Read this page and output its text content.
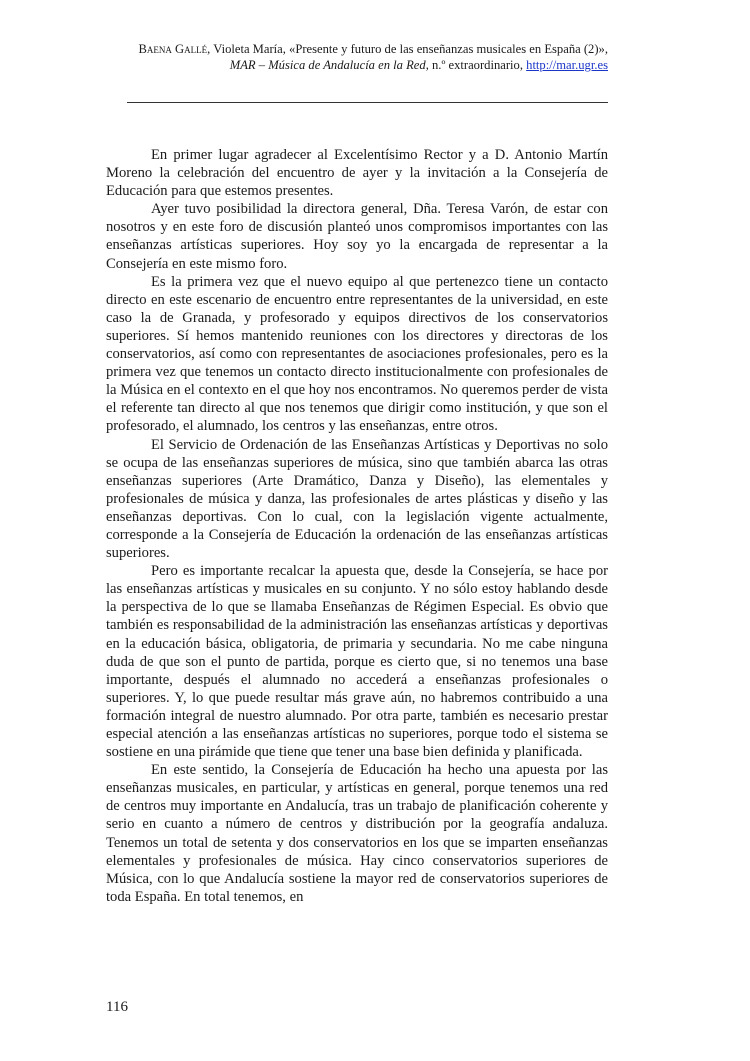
Baena Gallé, Violeta María, «Presente y futuro de las enseñanzas musicales en España (2)»,
MAR – Música de Andalucía en la Red, n.º extraordinario, http://mar.ugr.es

En primer lugar agradecer al Excelentísimo Rector y a D. Antonio Martín Moreno la celebración del encuentro de ayer y la invitación a la Consejería de Educación para que estemos presentes.

Ayer tuvo posibilidad la directora general, Dña. Teresa Varón, de estar con nosotros y en este foro de discusión planteó unos compromisos importantes con las enseñanzas artísticas superiores. Hoy soy yo la encargada de representar a la Consejería en este mismo foro.

Es la primera vez que el nuevo equipo al que pertenezco tiene un contacto directo en este escenario de encuentro entre representantes de la universidad, en este caso la de Granada, y profesorado y equipos directivos de los conservatorios superiores. Sí hemos mantenido reuniones con los directores y directoras de los conservatorios, así como con representantes de asociaciones profesionales, pero es la primera vez que tenemos un contacto directo institucionalmente con profesionales de la Música en el contexto en el que hoy nos encontramos. No queremos perder de vista el referente tan directo al que nos tenemos que dirigir como institución, y que son el profesorado, el alumnado, los centros y las enseñanzas, entre otros.

El Servicio de Ordenación de las Enseñanzas Artísticas y Deportivas no solo se ocupa de las enseñanzas superiores de música, sino que también abarca las otras enseñanzas superiores (Arte Dramático, Danza y Diseño), las elementales y profesionales de música y danza, las profesionales de artes plásticas y diseño y las enseñanzas deportivas. Con lo cual, con la legislación vigente actualmente, corresponde a la Consejería de Educación la ordenación de las enseñanzas artísticas superiores.

Pero es importante recalcar la apuesta que, desde la Consejería, se hace por las enseñanzas artísticas y musicales en su conjunto. Y no sólo estoy hablando desde la perspectiva de lo que se llamaba Enseñanzas de Régimen Especial. Es obvio que también es responsabilidad de la administración las enseñanzas artísticas y deportivas en la educación básica, obligatoria, de primaria y secundaria. No me cabe ninguna duda de que son el punto de partida, porque es cierto que, si no tenemos una base importante, después el alumnado no accederá a enseñanzas profesionales o superiores. Y, lo que puede resultar más grave aún, no habremos contribuido a una formación integral de nuestro alumnado. Por otra parte, también es necesario prestar especial atención a las enseñanzas artísticas no superiores, porque todo el sistema se sostiene en una pirámide que tiene que tener una base bien definida y planificada.

En este sentido, la Consejería de Educación ha hecho una apuesta por las enseñanzas musicales, en particular, y artísticas en general, porque tenemos una red de centros muy importante en Andalucía, tras un trabajo de planificación coherente y serio en cuanto a número de centros y distribución por la geografía andaluza. Tenemos un total de setenta y dos conservatorios en los que se imparten enseñanzas elementales y profesionales de música. Hay cinco conservatorios superiores de Música, con lo que Andalucía sostiene la mayor red de conservatorios superiores de toda España. En total tenemos, en

116
